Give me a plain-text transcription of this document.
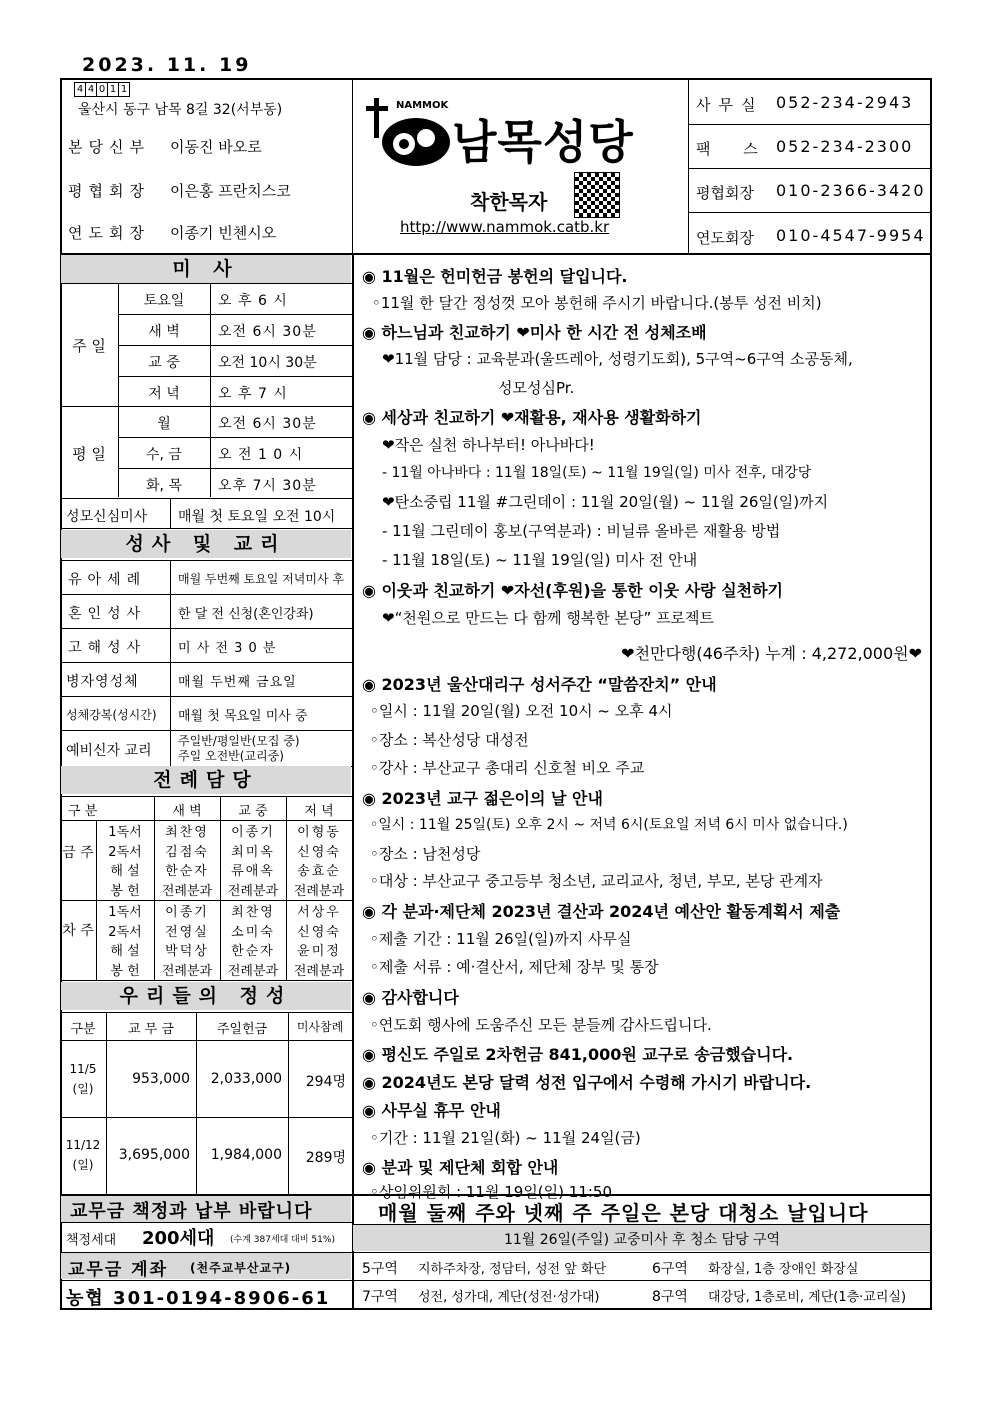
2023. 11. 19
4 4 0 1 1
울산시 동구 남목 8길 32(서부동)
본당신부 이동진 바오로
평협회장 이은홍 프란치스코
연도회장 이종기 빈첸시오
NAMMOK
남목성당
착한목자
http://www.nammok.catb.kr
사무실 052-234-2943
팩 스 052-234-2300
평협회장 010-2366-3420
연도회장 010-4547-9954
미 사
주 일
토요일	오 후 6 시
새 벽	오전 6시 30분
교 중	오전 10시 30분
저 녁	오 후 7 시
평 일
월	오전 6시 30분
수, 금	오 전 1 0 시
화, 목	오후 7시 30분
성모신심미사 매월 첫 토요일 오전 10시
성사 및 교리
유아세례	매월 두번째 토요일 저녁미사 후
혼인성사 한 달 전 신청(혼인강좌)
고해성사 미 사 전 3 0 분
병자영성체	매월 두번째 금요일
성체강복(성시간) 매월 첫 목요일 미사 중
예비신자 교리
주일반/평일반(모집 중)
주일 오전반(교리중)
전례담당
구 분	새 벽	교 중	저 녁
금 주
1독서	최찬영	이종기	이형동
2독서	김점숙	최미옥	신영숙
해 설	한순자	류애옥	송효순
봉 헌	전례분과	전례분과	전례분과
차 주
1독서	이종기	최찬영	서상우
2독서	전영실	소미숙	신영숙
해 설	박덕상	한순자	윤미정
봉 헌	전례분과	전례분과	전례분과
우리들의 정성
구분	교 무 금	주일헌금	미사참례
11/5
(일)
953,000	2,033,000	294명
11/12
(일)
3,695,000	1,984,000	289명
◉ 11월은 헌미헌금 봉헌의 달입니다.
◦11월 한 달간 정성껏 모아 봉헌해 주시기 바랍니다.(봉투 성전 비치)
◉ 하느님과 친교하기 ❤미사 한 시간 전 성체조배
❤11월 담당 : 교육분과(울뜨레아, 성령기도회), 5구역~6구역 소공동체,
성모성심Pr.
◉ 세상과 친교하기 ❤재활용, 재사용 생활화하기
❤작은 실천 하나부터! 아나바다!
- 11월 아나바다 : 11월 18일(토) ~ 11월 19일(일) 미사 전후, 대강당
❤탄소중립 11월 #그린데이 : 11월 20일(월) ~ 11월 26일(일)까지
- 11월 그린데이 홍보(구역분과) : 비닐류 올바른 재활용 방법
- 11월 18일(토) ~ 11월 19일(일) 미사 전 안내
◉ 이웃과 친교하기 ❤자선(후원)을 통한 이웃 사랑 실천하기
❤“천원으로 만드는 다 함께 행복한 본당” 프로젝트
❤천만다행(46주차) 누계 : 4,272,000원❤
◉ 2023년 울산대리구 성서주간 “말씀잔치” 안내
◦일시 : 11월 20일(월) 오전 10시 ~ 오후 4시
◦장소 : 복산성당 대성전
◦강사 : 부산교구 총대리 신호철 비오 주교
◉ 2023년 교구 젊은이의 날 안내
◦일시 : 11월 25일(토) 오후 2시 ~ 저녁 6시(토요일 저녁 6시 미사 없습니다.)
◦장소 : 남천성당
◦대상 : 부산교구 중고등부 청소년, 교리교사, 청년, 부모, 본당 관계자
◉ 각 분과·제단체 2023년 결산과 2024년 예산안 활동계획서 제출
◦제출 기간 : 11월 26일(일)까지 사무실
◦제출 서류 : 예·결산서, 제단체 장부 및 통장
◉ 감사합니다
◦연도회 행사에 도움주신 모든 분들께 감사드립니다.
◉ 평신도 주일로 2차헌금 841,000원 교구로 송금했습니다.
◉ 2024년도 본당 달력 성전 입구에서 수령해 가시기 바랍니다.
◉ 사무실 휴무 안내
◦기간 : 11월 21일(화) ~ 11월 24일(금)
◉ 분과 및 제단체 회합 안내
◦상임위원회 : 11월 19일(일) 11:50
교무금 책정과 납부 바랍니다
책정세대 200세대 (수계 387세대 대비 51%)
교무금 계좌 (천주교부산교구)
농협 301-0194-8906-61
매월 둘째 주와 넷째 주 주일은 본당 대청소 날입니다
11월 26일(주일) 교중미사 후 청소 담당 구역
5구역 지하주차장, 정담터, 성전 앞 화단	6구역 화장실, 1층 장애인 화장실
7구역 성전, 성가대, 계단(성전·성가대)	8구역 대강당, 1층로비, 계단(1층·교리실)
